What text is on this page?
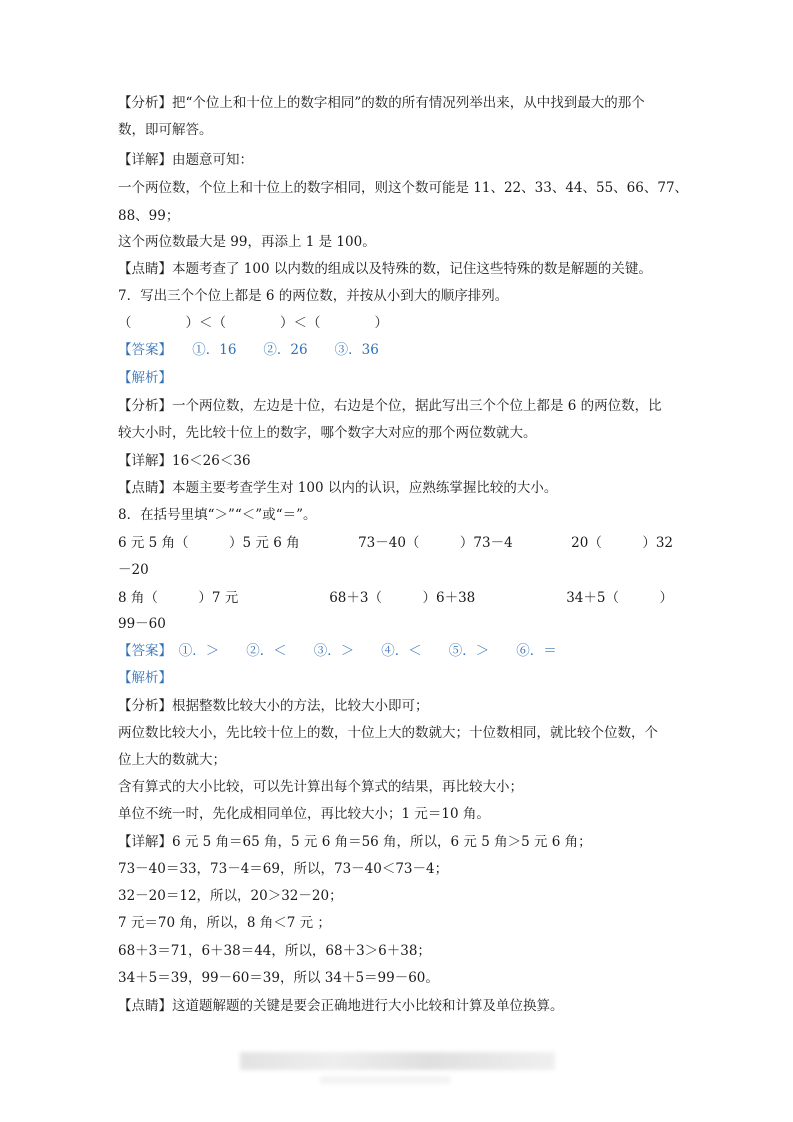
【分析】把“个位上和十位上的数字相同”的数的所有情况列举出来，从中找到最大的那个
数，即可解答。
【详解】由题意可知：
一个两位数，个位上和十位上的数字相同，则这个数可能是 11、22、33、44、55、66、77、
88、99；
这个两位数最大是 99，再添上 1 是 100。
【点睛】本题考查了 100 以内数的组成以及特殊的数，记住这些特殊的数是解题的关键。
7．写出三个个位上都是 6 的两位数，并按从小到大的顺序排列。
（　　　　）＜（　　　　）＜（　　　　）
【答案】　　①．16　　②．26　　③．36
【解析】
【分析】一个两位数，左边是十位，右边是个位，据此写出三个个位上都是 6 的两位数，比
较大小时，先比较十位上的数字，哪个数字大对应的那个两位数就大。
【详解】16＜26＜36
【点睛】本题主要考查学生对 100 以内的认识，应熟练掌握比较的大小。
8．在括号里填“＞”“＜”或“＝”。
6 元 5 角（　　　）5 元 6 角	73－40（　　　）73－4	20（　　　）32
－20
8 角（　　　）7 元	68＋3（　　　）6＋38	34＋5（　　　）
99－60
【答案】　①．＞　　②．＜　　③．＞　　④．＜　　⑤．＞　　⑥．＝
【解析】
【分析】根据整数比较大小的方法，比较大小即可；
两位数比较大小，先比较十位上的数，十位上大的数就大；十位数相同，就比较个位数，个
位上大的数就大；
含有算式的大小比较，可以先计算出每个算式的结果，再比较大小；
单位不统一时，先化成相同单位，再比较大小；1 元＝10 角。
【详解】6 元 5 角＝65 角，5 元 6 角＝56 角，所以，6 元 5 角＞5 元 6 角；
73－40＝33，73－4＝69，所以，73－40＜73－4；
32－20＝12，所以，20＞32－20；
7 元＝70 角，所以，8 角＜7 元 ；
68＋3＝71，6＋38＝44，所以，68＋3＞6＋38；
34＋5＝39，99－60＝39，所以 34＋5＝99－60。
【点睛】这道题解题的关键是要会正确地进行大小比较和计算及单位换算。
